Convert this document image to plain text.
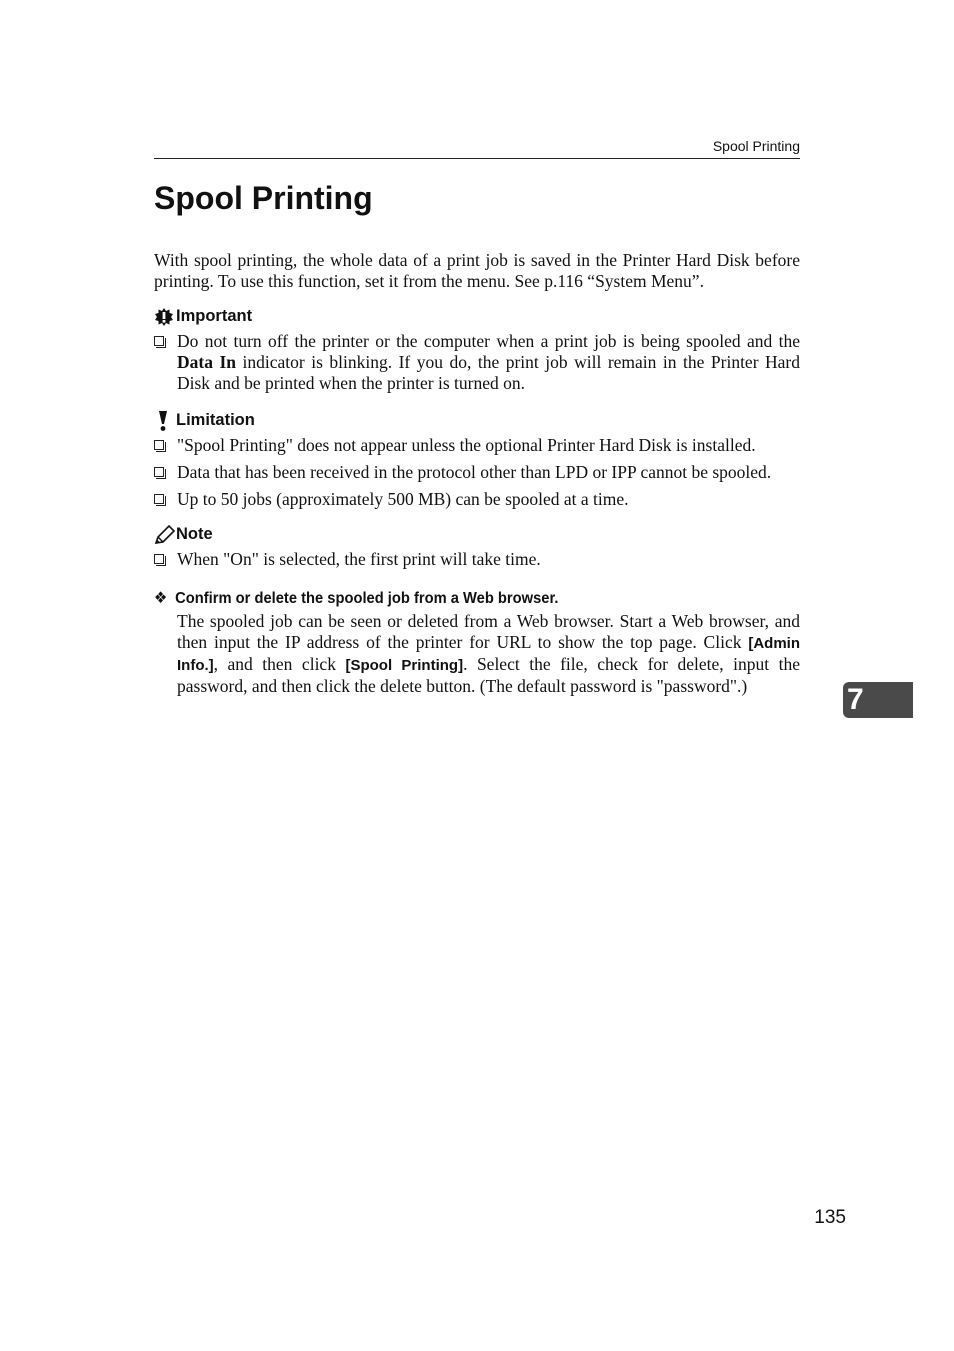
Spool Printing
Spool Printing

With spool printing, the whole data of a print job is saved in the Printer Hard Disk before printing. To use this function, set it from the menu. See p.116 “System Menu”.

Important
Do not turn off the printer or the computer when a print job is being spooled and the Data In indicator is blinking. If you do, the print job will remain in the Printer Hard Disk and be printed when the printer is turned on.
Limitation
"Spool Printing" does not appear unless the optional Printer Hard Disk is installed.
Data that has been received in the protocol other than LPD or IPP cannot be spooled.
Up to 50 jobs (approximately 500 MB) can be spooled at a time.
Note
When "On" is selected, the first print will take time.
❖ Confirm or delete the spooled job from a Web browser.

The spooled job can be seen or deleted from a Web browser. Start a Web browser, and then input the IP address of the printer for URL to show the top page. Click [Admin Info.], and then click [Spool Printing]. Select the file, check for delete, input the password, and then click the delete button. (The default password is "password".)	7
135
